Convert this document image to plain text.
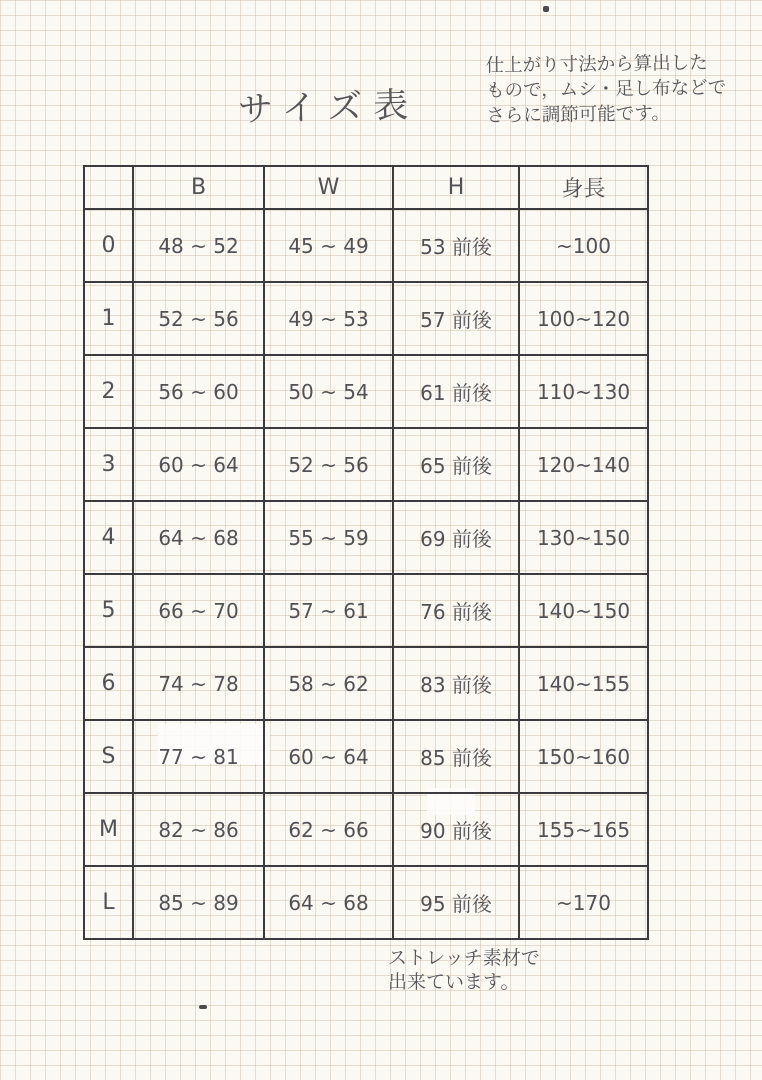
サイズ表
仕上がり寸法から算出した
もので，ムシ・足し布などで
さらに調節可能です。
	B	W	H	身長
0	48 ~ 52	45 ~ 49	53 前後	~100
1	52 ~ 56	49 ~ 53	57 前後	100~120
2	56 ~ 60	50 ~ 54	61 前後	110~130
3	60 ~ 64	52 ~ 56	65 前後	120~140
4	64 ~ 68	55 ~ 59	69 前後	130~150
5	66 ~ 70	57 ~ 61	76 前後	140~150
6	74 ~ 78	58 ~ 62	83 前後	140~155
S	77 ~ 81	60 ~ 64	85 前後	150~160
M	82 ~ 86	62 ~ 66	90 前後	155~165
L	85 ~ 89	64 ~ 68	95 前後	~170
ストレッチ素材で
出来ています。
